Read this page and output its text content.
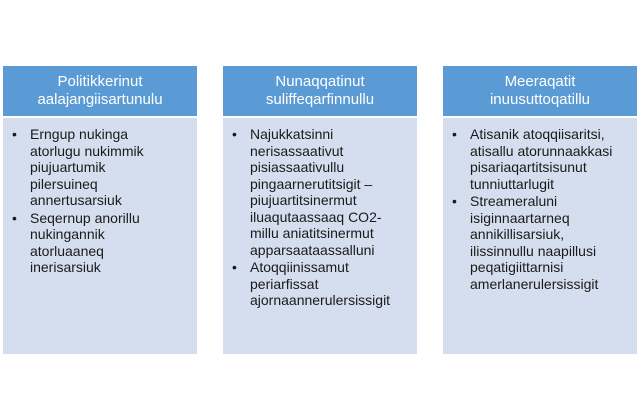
Politikkerinut
aalajangiisartunulu
• Erngup nukinga
atorlugu nukimmik
piujuartumik
pilersuineq
annertusarsiuk
• Seqernup anorillu
nukingannik
atorluaaneq
inerisarsiuk
Nunaqqatinut
suliffeqarfinnullu
• Najukkatsinni
nerisassaativut
pisiassaativullu
pingaarnerutitsigit –
piujuartitsinermut
iluaqutaassaaq CO2-
millu aniatitsinermut
apparsaataassalluni
• Atoqqiinissamut
periarfissat
ajornaannerulersissigit
Meeraqatit
inuusuttoqatillu
• Atisanik atoqqiisaritsi,
atisallu atorunnaakkasi
pisariaqartitsisunut
tunniuttarlugit
• Streameraluni
isiginnaartarneq
annikillisarsiuk,
ilissinnullu naapillusi
peqatigiittarnisi
amerlanerulersissigit
